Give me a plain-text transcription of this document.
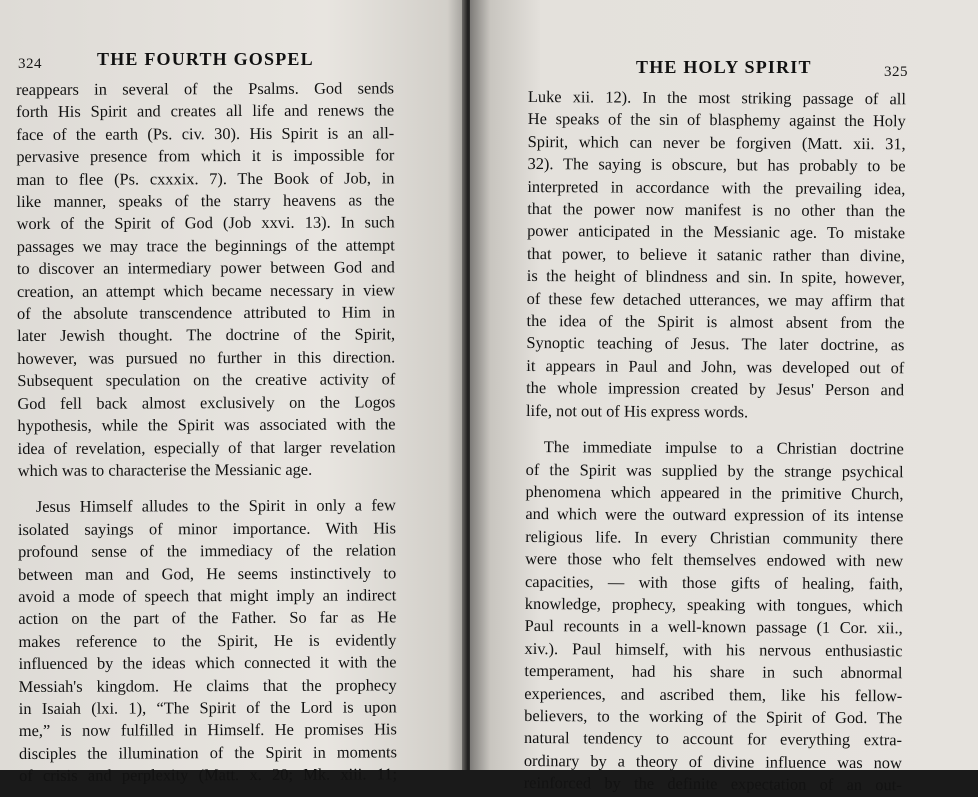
324	THE FOURTH GOSPEL
reappears in several of the Psalms. God sends
forth His Spirit and creates all life and renews the
face of the earth (Ps. civ. 30). His Spirit is an all-
pervasive presence from which it is impossible for
man to flee (Ps. cxxxix. 7). The Book of Job, in
like manner, speaks of the starry heavens as the
work of the Spirit of God (Job xxvi. 13). In such
passages we may trace the beginnings of the attempt
to discover an intermediary power between God and
creation, an attempt which became necessary in view
of the absolute transcendence attributed to Him in
later Jewish thought. The doctrine of the Spirit,
however, was pursued no further in this direction.
Subsequent speculation on the creative activity of
God fell back almost exclusively on the Logos
hypothesis, while the Spirit was associated with the
idea of revelation, especially of that larger revelation
which was to characterise the Messianic age.
Jesus Himself alludes to the Spirit in only a few
isolated sayings of minor importance. With His
profound sense of the immediacy of the relation
between man and God, He seems instinctively to
avoid a mode of speech that might imply an indirect
action on the part of the Father. So far as He
makes reference to the Spirit, He is evidently
influenced by the ideas which connected it with the
Messiah's kingdom. He claims that the prophecy
in Isaiah (lxi. 1), “The Spirit of the Lord is upon
me,” is now fulfilled in Himself. He promises His
disciples the illumination of the Spirit in moments
of crisis and perplexity (Matt. x. 20; Mk. xiii. 11;
THE HOLY SPIRIT	325
Luke xii. 12). In the most striking passage of all
He speaks of the sin of blasphemy against the Holy
Spirit, which can never be forgiven (Matt. xii. 31,
32). The saying is obscure, but has probably to be
interpreted in accordance with the prevailing idea,
that the power now manifest is no other than the
power anticipated in the Messianic age. To mistake
that power, to believe it satanic rather than divine,
is the height of blindness and sin. In spite, however,
of these few detached utterances, we may affirm that
the idea of the Spirit is almost absent from the
Synoptic teaching of Jesus. The later doctrine, as
it appears in Paul and John, was developed out of
the whole impression created by Jesus' Person and
life, not out of His express words.
The immediate impulse to a Christian doctrine
of the Spirit was supplied by the strange psychical
phenomena which appeared in the primitive Church,
and which were the outward expression of its intense
religious life. In every Christian community there
were those who felt themselves endowed with new
capacities, — with those gifts of healing, faith,
knowledge, prophecy, speaking with tongues, which
Paul recounts in a well-known passage (1 Cor. xii.,
xiv.). Paul himself, with his nervous enthusiastic
temperament, had his share in such abnormal
experiences, and ascribed them, like his fellow-
believers, to the working of the Spirit of God. The
natural tendency to account for everything extra-
ordinary by a theory of divine influence was now
reinforced by the definite expectation of an out-
